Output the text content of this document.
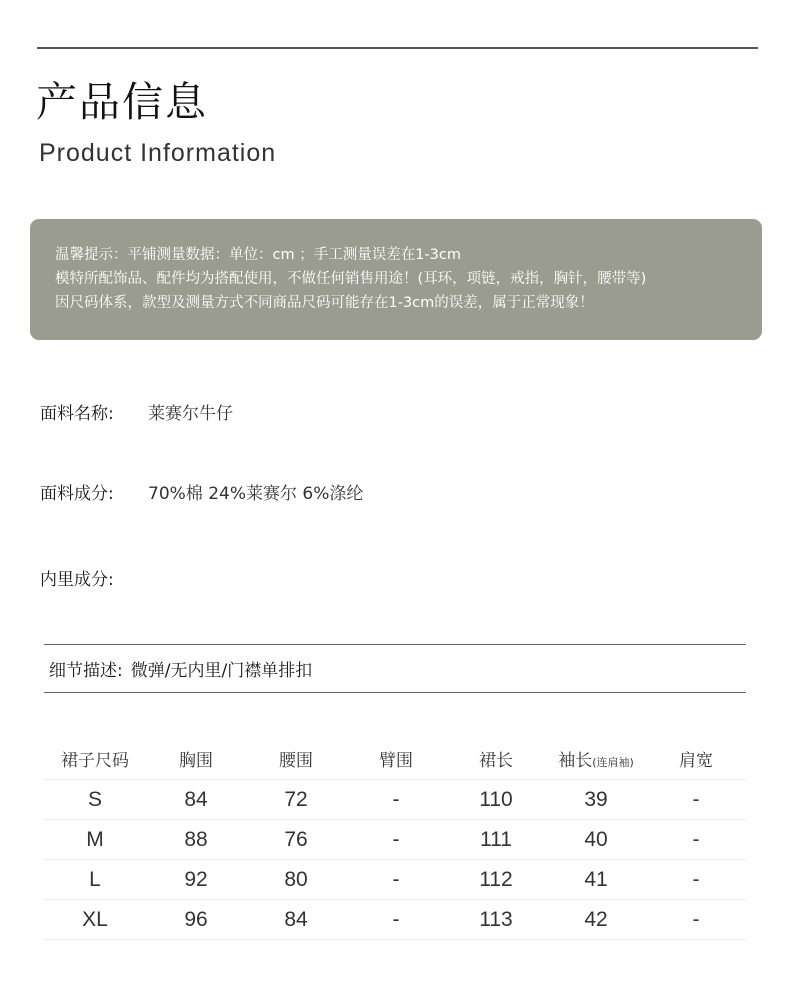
产品信息
Product Information
温馨提示：平铺测量数据：单位：cm ；手工测量误差在1-3cm
模特所配饰品、配件均为搭配使用，不做任何销售用途！(耳环，项链，戒指，胸针，腰带等)
因尺码体系，款型及测量方式不同商品尺码可能存在1-3cm的误差，属于正常现象！
面料名称:	莱赛尔牛仔
面料成分:	70%棉 24%莱赛尔 6%涤纶
内里成分:
细节描述: 微弹/无内里/门襟单排扣
裙子尺码	胸围	腰围	臂围	裙长	袖长(连肩袖)	肩宽
S	84	72	-	110	39	-
M	88	76	-	111	40	-
L	92	80	-	112	41	-
XL	96	84	-	113	42	-
